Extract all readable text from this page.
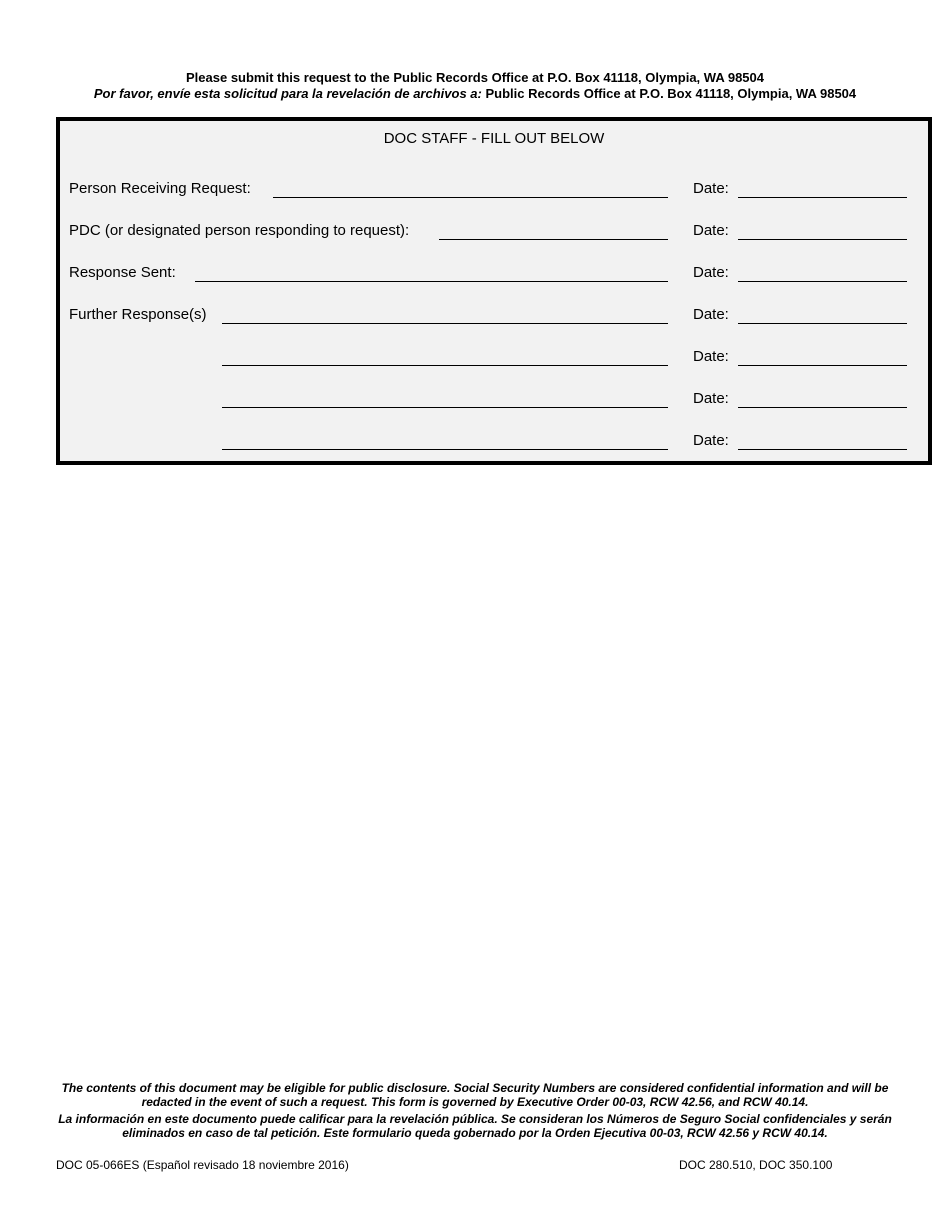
Please submit this request to the Public Records Office at P.O. Box 41118, Olympia, WA 98504
Por favor, envíe esta solicitud para la revelación de archivos a: Public Records Office at P.O. Box 41118, Olympia, WA 98504
DOC STAFF - FILL OUT BELOW
Person Receiving Request:	Date:
PDC (or designated person responding to request):	Date:
Response Sent:	Date:
Further Response(s)	Date:
Date:
Date:
Date:

The contents of this document may be eligible for public disclosure. Social Security Numbers are considered confidential information and will be redacted in the event of such a request. This form is governed by Executive Order 00-03, RCW 42.56, and RCW 40.14.

La información en este documento puede calificar para la revelación pública. Se consideran los Números de Seguro Social confidenciales y serán eliminados en caso de tal petición. Este formulario queda gobernado por la Orden Ejecutiva 00-03, RCW 42.56 y RCW 40.14.

DOC 05-066ES (Español revisado 18 noviembre 2016)	DOC 280.510, DOC 350.100
